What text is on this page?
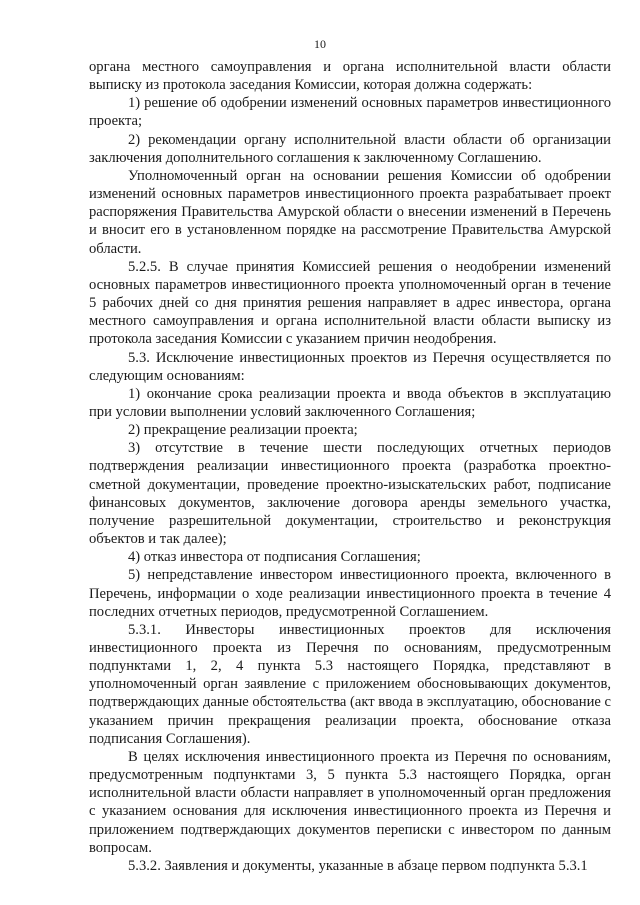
10

органа местного самоуправления и органа исполнительной власти области выписку из протокола заседания Комиссии, которая должна содержать:

1) решение об одобрении изменений основных параметров инвестиционного проекта;

2) рекомендации органу исполнительной власти области об организации заключения дополнительного соглашения к заключенному Соглашению.

Уполномоченный орган на основании решения Комиссии об одобрении изменений основных параметров инвестиционного проекта разрабатывает проект распоряжения Правительства Амурской области о внесении изменений в Перечень и вносит его в установленном порядке на рассмотрение Правительства Амурской области.

5.2.5. В случае принятия Комиссией решения о неодобрении изменений основных параметров инвестиционного проекта уполномоченный орган в течение 5 рабочих дней со дня принятия решения направляет в адрес инвестора, органа местного самоуправления и органа исполнительной власти области выписку из протокола заседания Комиссии с указанием причин неодобрения.

5.3. Исключение инвестиционных проектов из Перечня осуществляется по следующим основаниям:

1) окончание срока реализации проекта и ввода объектов в эксплуатацию при условии выполнении условий заключенного Соглашения;

2) прекращение реализации проекта;

3) отсутствие в течение шести последующих отчетных периодов подтверждения реализации инвестиционного проекта (разработка проектно-сметной документации, проведение проектно-изыскательских работ, подписание финансовых документов, заключение договора аренды земельного участка, получение разрешительной документации, строительство и реконструкция объектов и так далее);

4) отказ инвестора от подписания Соглашения;

5) непредставление инвестором инвестиционного проекта, включенного в Перечень, информации о ходе реализации инвестиционного проекта в течение 4 последних отчетных периодов, предусмотренной Соглашением.

5.3.1. Инвесторы инвестиционных проектов для исключения инвестиционного проекта из Перечня по основаниям, предусмотренным подпунктами 1, 2, 4 пункта 5.3 настоящего Порядка, представляют в уполномоченный орган заявление с приложением обосновывающих документов, подтверждающих данные обстоятельства (акт ввода в эксплуатацию, обоснование с указанием причин прекращения реализации проекта, обоснование отказа подписания Соглашения).

В целях исключения инвестиционного проекта из Перечня по основаниям, предусмотренным подпунктами 3, 5 пункта 5.3 настоящего Порядка, орган исполнительной власти области направляет в уполномоченный орган предложения с указанием основания для исключения инвестиционного проекта из Перечня и приложением подтверждающих документов переписки с инвестором по данным вопросам.

5.3.2. Заявления и документы, указанные в абзаце первом подпункта 5.3.1
